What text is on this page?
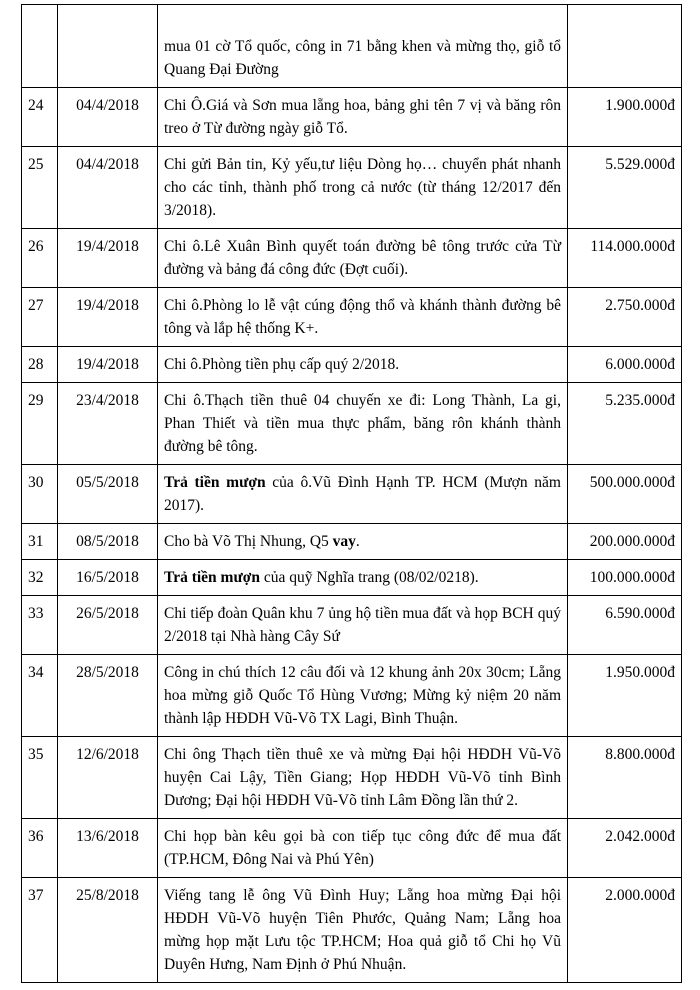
		mua 01 cờ Tổ quốc, công in 71 bằng khen và mừng thọ, giỗ tổ Quang Đại Đường	
24	04/4/2018	Chi Ô.Giá và Sơn mua lẵng hoa, bảng ghi tên 7 vị và băng rôn treo ở Từ đường ngày giỗ Tổ.	1.900.000đ
25	04/4/2018	Chi gửi Bản tin, Kỷ yếu,tư liệu Dòng họ… chuyển phát nhanh cho các tỉnh, thành phố trong cả nước (từ tháng 12/2017 đến 3/2018).	5.529.000đ
26	19/4/2018	Chi ô.Lê Xuân Bình quyết toán đường bê tông trước cửa Từ đường và bảng đá công đức (Đợt cuối).	114.000.000đ
27	19/4/2018	Chi ô.Phòng lo lễ vật cúng động thổ và khánh thành đường bê tông và lắp hệ thống K+.	2.750.000đ
28	19/4/2018	Chi ô.Phòng tiền phụ cấp quý 2/2018.	6.000.000đ
29	23/4/2018	Chi ô.Thạch tiền thuê 04 chuyến xe đi: Long Thành, La gi, Phan Thiết và tiền mua thực phẩm, băng rôn khánh thành đường bê tông.	5.235.000đ
30	05/5/2018	Trả tiền mượn của ô.Vũ Đình Hạnh TP. HCM (Mượn năm 2017).	500.000.000đ
31	08/5/2018	Cho bà Võ Thị Nhung, Q5 vay.	200.000.000đ
32	16/5/2018	Trả tiền mượn của quỹ Nghĩa trang (08/02/0218).	100.000.000đ
33	26/5/2018	Chi tiếp đoàn Quân khu 7 ủng hộ tiền mua đất và họp BCH quý 2/2018 tại Nhà hàng Cây Sứ	6.590.000đ
34	28/5/2018	Công in chú thích 12 câu đối và 12 khung ảnh 20x 30cm; Lẵng hoa mừng giỗ Quốc Tổ Hùng Vương; Mừng kỷ niệm 20 năm thành lập HĐDH Vũ-Võ TX Lagi, Bình Thuận.	1.950.000đ
35	12/6/2018	Chi ông Thạch tiền thuê xe và mừng Đại hội HĐDH Vũ-Võ huyện Cai Lậy, Tiền Giang; Họp HĐDH Vũ-Võ tỉnh Bình Dương; Đại hội HĐDH Vũ-Võ tỉnh Lâm Đồng lần thứ 2.	8.800.000đ
36	13/6/2018	Chi họp bàn kêu gọi bà con tiếp tục công đức để mua đất (TP.HCM, Đông Nai và Phú Yên)	2.042.000đ
37	25/8/2018	Viếng tang lễ ông Vũ Đình Huy; Lẵng hoa mừng Đại hội HĐDH Vũ-Võ huyện Tiên Phước, Quảng Nam; Lẵng hoa mừng họp mặt Lưu tộc TP.HCM; Hoa quả giỗ tổ Chi họ Vũ Duyên Hưng, Nam Định ở Phú Nhuận.	2.000.000đ
